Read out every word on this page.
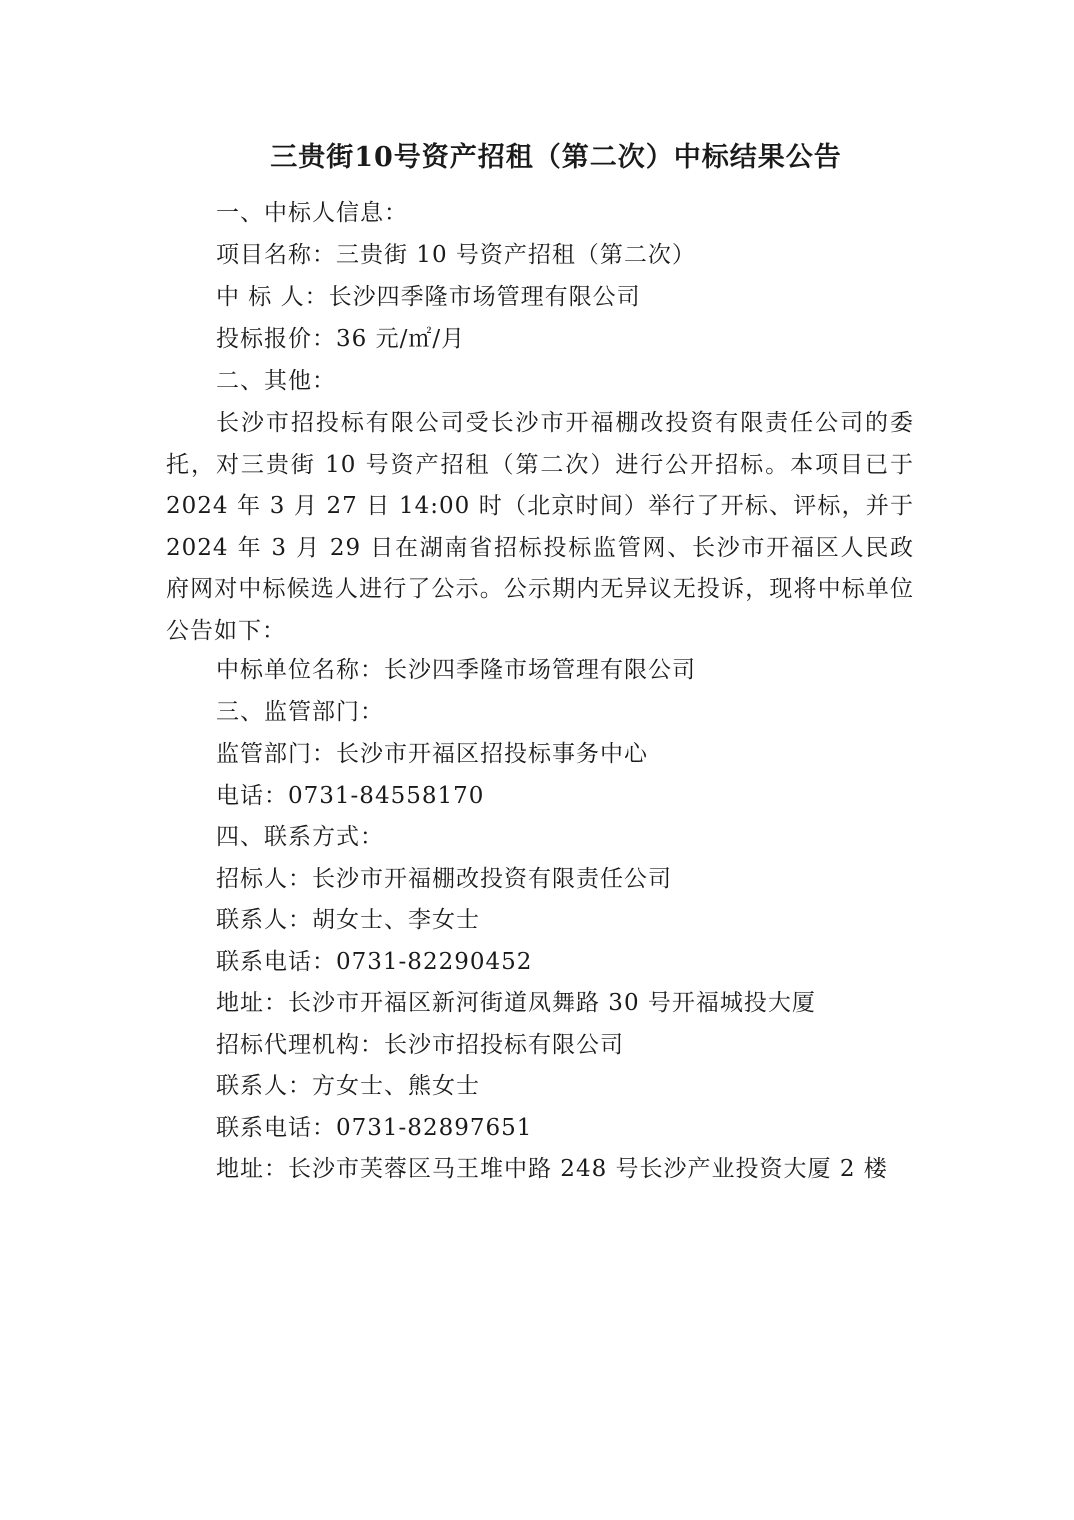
三贵街10号资产招租（第二次）中标结果公告
一、中标人信息：
项目名称：三贵街 10 号资产招租（第二次）
中 标 人：长沙四季隆市场管理有限公司
投标报价：36 元/㎡/月
二、其他：
长沙市招投标有限公司受长沙市开福棚改投资有限责任公司的委托，对三贵街 10 号资产招租（第二次）进行公开招标。本项目已于 2024 年 3 月 27 日 14:00 时（北京时间）举行了开标、评标，并于 2024 年 3 月 29 日在湖南省招标投标监管网、长沙市开福区人民政府网对中标候选人进行了公示。公示期内无异议无投诉，现将中标单位公告如下：
中标单位名称：长沙四季隆市场管理有限公司
三、监管部门：
监管部门：长沙市开福区招投标事务中心
电话：0731-84558170
四、联系方式：
招标人：长沙市开福棚改投资有限责任公司
联系人：胡女士、李女士
联系电话：0731-82290452
地址：长沙市开福区新河街道凤舞路 30 号开福城投大厦
招标代理机构：长沙市招投标有限公司
联系人：方女士、熊女士
联系电话：0731-82897651
地址：长沙市芙蓉区马王堆中路 248 号长沙产业投资大厦 2 楼
